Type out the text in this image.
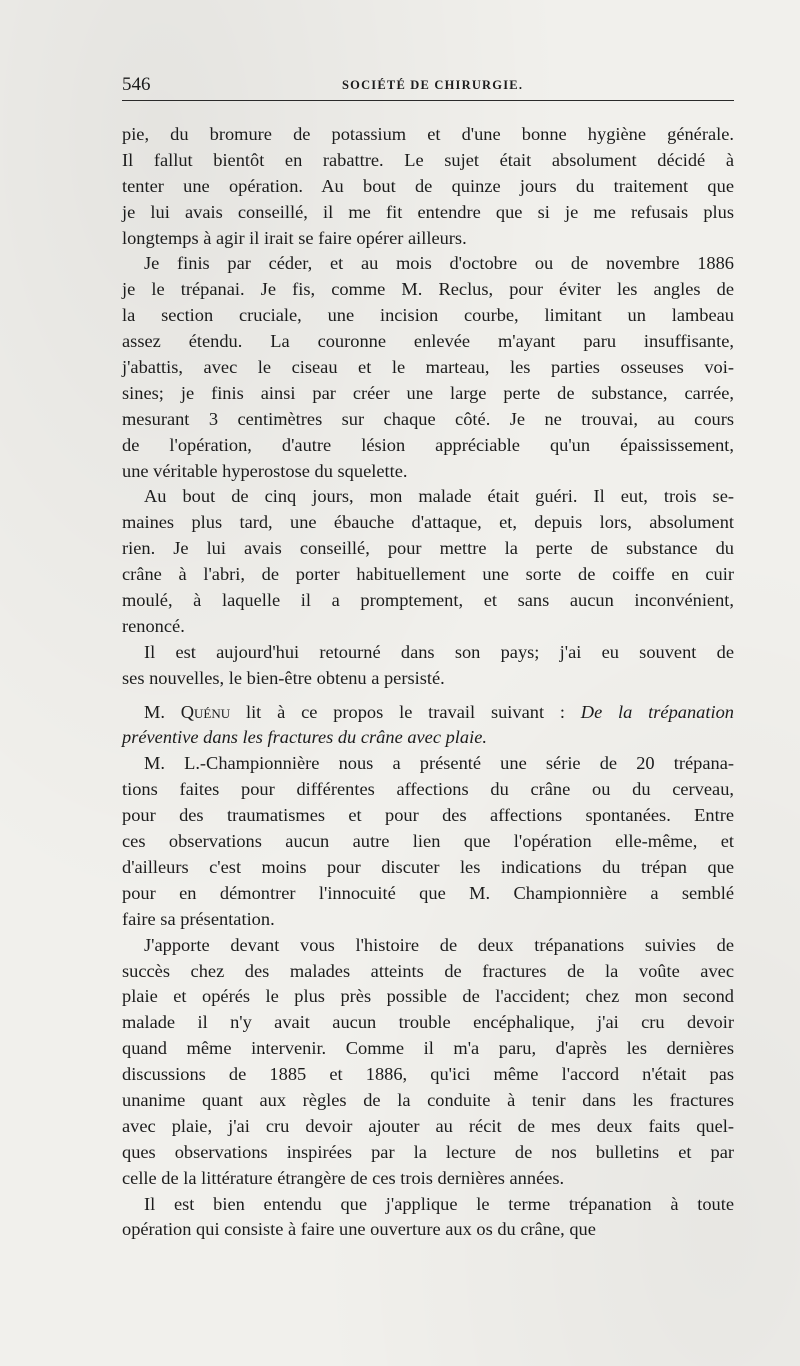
546	SOCIÉTÉ DE CHIRURGIE.
pie, du bromure de potassium et d'une bonne hygiène générale.
Il fallut bientôt en rabattre. Le sujet était absolument décidé à
tenter une opération. Au bout de quinze jours du traitement que
je lui avais conseillé, il me fit entendre que si je me refusais plus
longtemps à agir il irait se faire opérer ailleurs.
Je finis par céder, et au mois d'octobre ou de novembre 1886
je le trépanai. Je fis, comme M. Reclus, pour éviter les angles de
la section cruciale, une incision courbe, limitant un lambeau
assez étendu. La couronne enlevée m'ayant paru insuffisante,
j'abattis, avec le ciseau et le marteau, les parties osseuses voi-
sines; je finis ainsi par créer une large perte de substance, carrée,
mesurant 3 centimètres sur chaque côté. Je ne trouvai, au cours
de l'opération, d'autre lésion appréciable qu'un épaississement,
une véritable hyperostose du squelette.
Au bout de cinq jours, mon malade était guéri. Il eut, trois se-
maines plus tard, une ébauche d'attaque, et, depuis lors, absolument
rien. Je lui avais conseillé, pour mettre la perte de substance du
crâne à l'abri, de porter habituellement une sorte de coiffe en cuir
moulé, à laquelle il a promptement, et sans aucun inconvénient,
renoncé.
Il est aujourd'hui retourné dans son pays; j'ai eu souvent de
ses nouvelles, le bien-être obtenu a persisté.
M. Quénu lit à ce propos le travail suivant : De la trépanation
préventive dans les fractures du crâne avec plaie.
M. L.-Championnière nous a présenté une série de 20 trépana-
tions faites pour différentes affections du crâne ou du cerveau,
pour des traumatismes et pour des affections spontanées. Entre
ces observations aucun autre lien que l'opération elle-même, et
d'ailleurs c'est moins pour discuter les indications du trépan que
pour en démontrer l'innocuité que M. Championnière a semblé
faire sa présentation.
J'apporte devant vous l'histoire de deux trépanations suivies de
succès chez des malades atteints de fractures de la voûte avec
plaie et opérés le plus près possible de l'accident; chez mon second
malade il n'y avait aucun trouble encéphalique, j'ai cru devoir
quand même intervenir. Comme il m'a paru, d'après les dernières
discussions de 1885 et 1886, qu'ici même l'accord n'était pas
unanime quant aux règles de la conduite à tenir dans les fractures
avec plaie, j'ai cru devoir ajouter au récit de mes deux faits quel-
ques observations inspirées par la lecture de nos bulletins et par
celle de la littérature étrangère de ces trois dernières années.
Il est bien entendu que j'applique le terme trépanation à toute
opération qui consiste à faire une ouverture aux os du crâne, que
